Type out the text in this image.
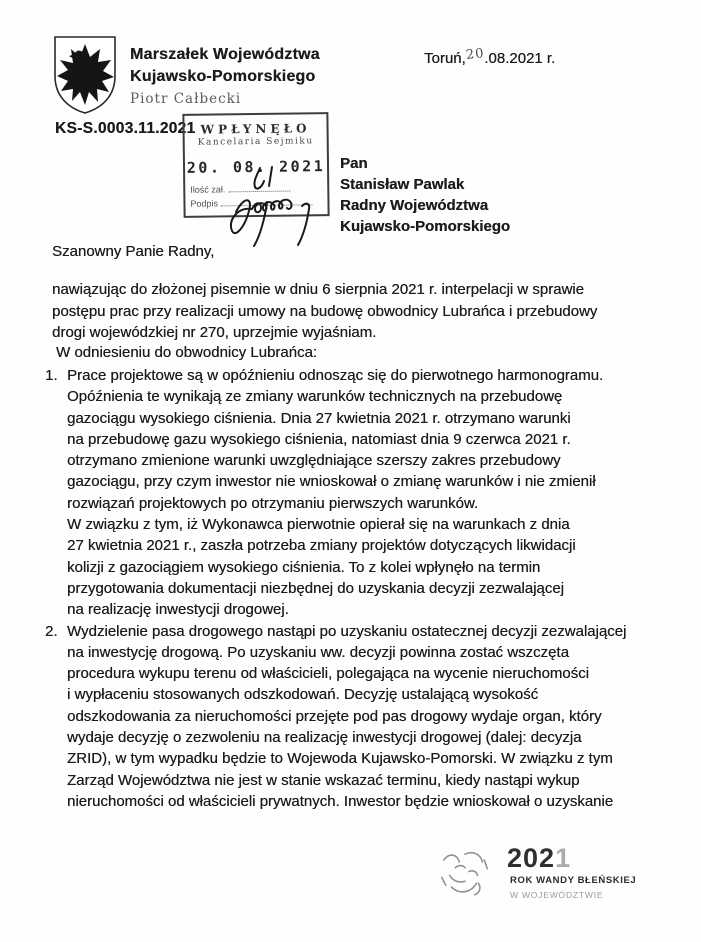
Marszałek Województwa
Kujawsko-Pomorskiego
Piotr Całbecki
Toruń,20.08.2021 r.
KS-S.0003.11.2021 WPŁYNĘŁO
Kancelaria Sejmiku
20. 08. 2021
Ilość zał.
Podpis
Pan
Stanisław Pawlak
Radny Województwa
Kujawsko-Pomorskiego
Szanowny Panie Radny,
nawiązując do złożonej pisemnie w dniu 6 sierpnia 2021 r. interpelacji w sprawie
postępu prac przy realizacji umowy na budowę obwodnicy Lubrańca i przebudowy
drogi wojewódzkiej nr 270, uprzejmie wyjaśniam.
W odniesieniu do obwodnicy Lubrańca:
1. Prace projektowe są w opóźnieniu odnosząc się do pierwotnego harmonogramu.
Opóźnienia te wynikają ze zmiany warunków technicznych na przebudowę
gazociągu wysokiego ciśnienia. Dnia 27 kwietnia 2021 r. otrzymano warunki
na przebudowę gazu wysokiego ciśnienia, natomiast dnia 9 czerwca 2021 r.
otrzymano zmienione warunki uwzględniające szerszy zakres przebudowy
gazociągu, przy czym inwestor nie wnioskował o zmianę warunków i nie zmienił
rozwiązań projektowych po otrzymaniu pierwszych warunków.
W związku z tym, iż Wykonawca pierwotnie opierał się na warunkach z dnia
27 kwietnia 2021 r., zaszła potrzeba zmiany projektów dotyczących likwidacji
kolizji z gazociągiem wysokiego ciśnienia. To z kolei wpłynęło na termin
przygotowania dokumentacji niezbędnej do uzyskania decyzji zezwalającej
na realizację inwestycji drogowej.
2. Wydzielenie pasa drogowego nastąpi po uzyskaniu ostatecznej decyzji zezwalającej
na inwestycję drogową. Po uzyskaniu ww. decyzji powinna zostać wszczęta
procedura wykupu terenu od właścicieli, polegająca na wycenie nieruchomości
i wypłaceniu stosowanych odszkodowań. Decyzję ustalającą wysokość
odszkodowania za nieruchomości przejęte pod pas drogowy wydaje organ, który
wydaje decyzję o zezwoleniu na realizację inwestycji drogowej (dalej: decyzja
ZRID), w tym wypadku będzie to Wojewoda Kujawsko-Pomorski. W związku z tym
Zarząd Województwa nie jest w stanie wskazać terminu, kiedy nastąpi wykup
nieruchomości od właścicieli prywatnych. Inwestor będzie wnioskował o uzyskanie
2021
ROK WANDY BŁEŃSKIEJ
W WOJEWÓDZTWIE
